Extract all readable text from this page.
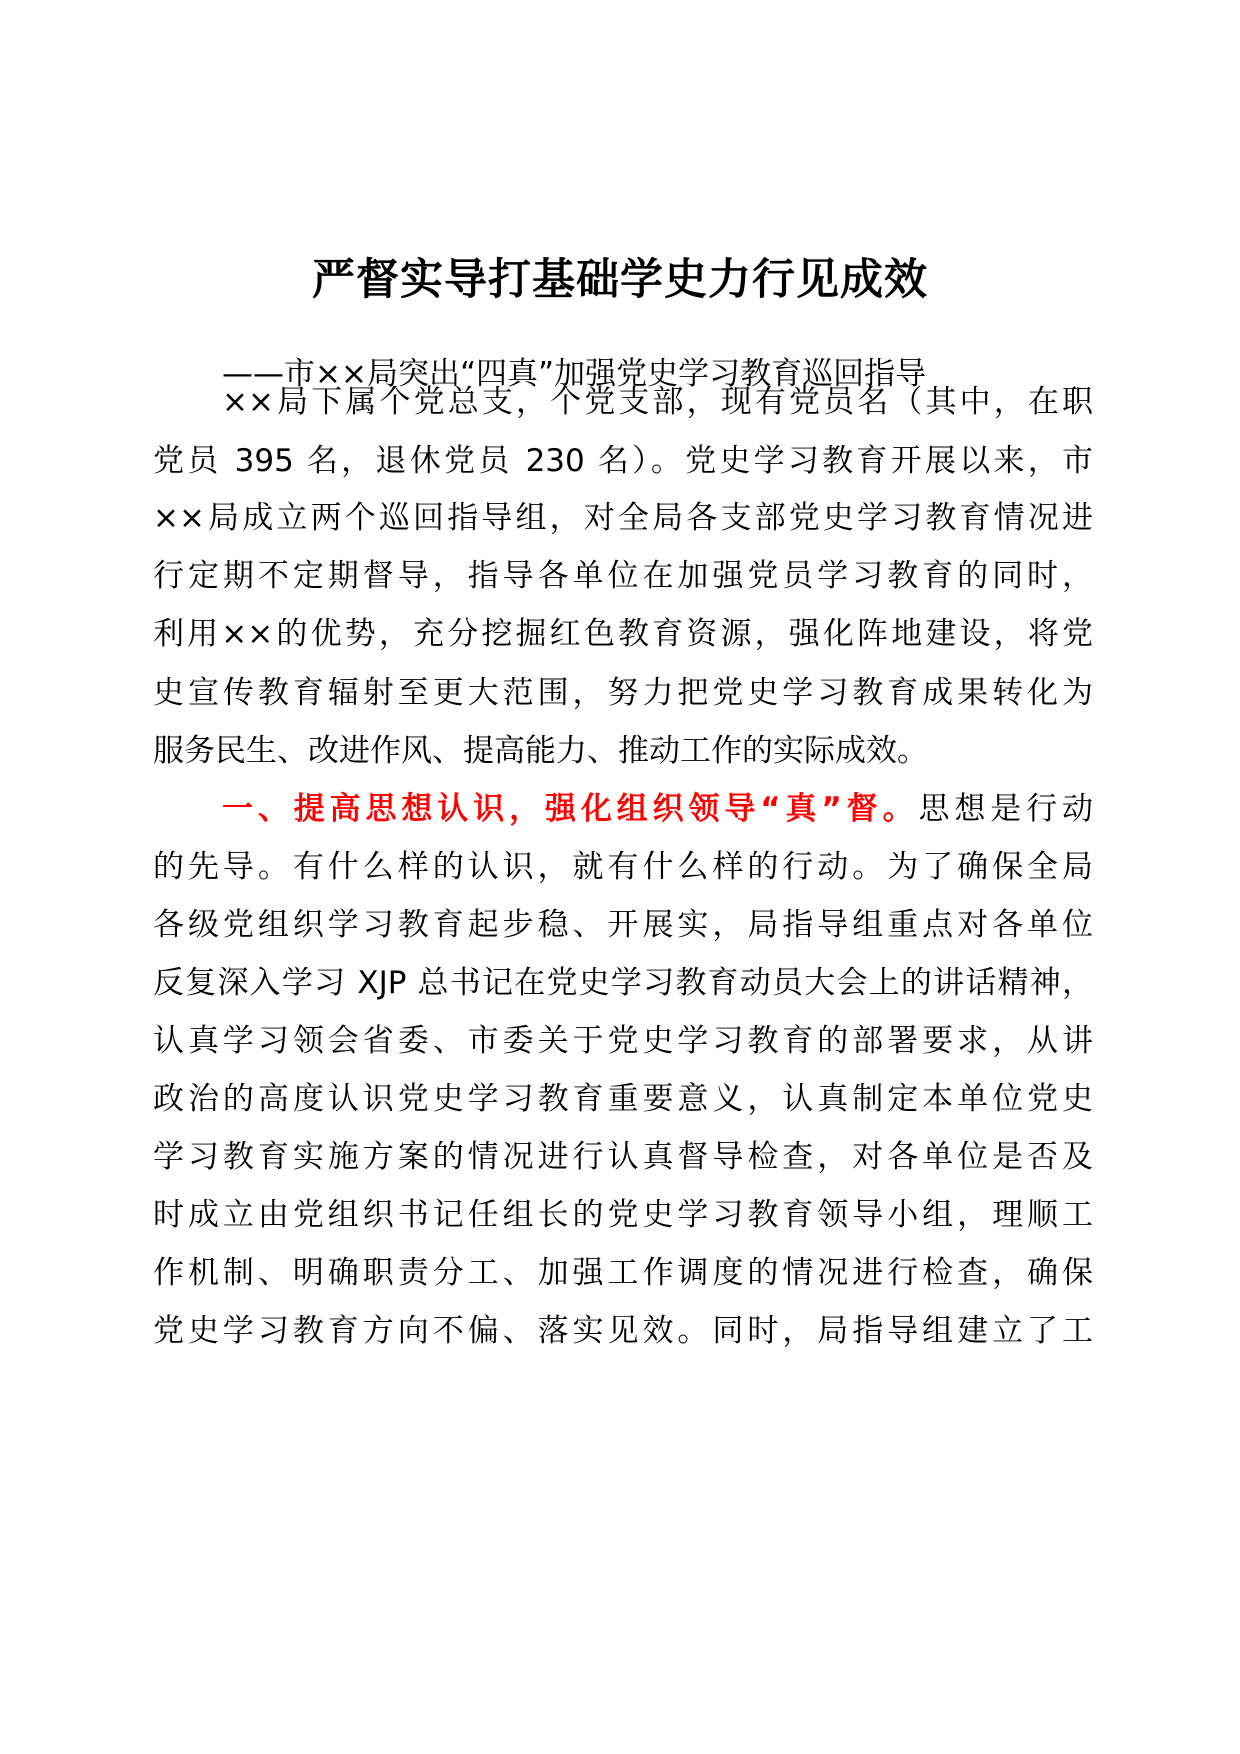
严督实导打基础学史力行见成效

——市××局突出“四真”加强党史学习教育巡回指导

××局下属个党总支，个党支部，现有党员名（其中，在职

党员 395 名，退休党员 230 名）。党史学习教育开展以来，市

××局成立两个巡回指导组，对全局各支部党史学习教育情况进

行定期不定期督导，指导各单位在加强党员学习教育的同时，

利用××的优势，充分挖掘红色教育资源，强化阵地建设，将党

史宣传教育辐射至更大范围，努力把党史学习教育成果转化为

服务民生、改进作风、提高能力、推动工作的实际成效。

一、提高思想认识，强化组织领导“真”督。思想是行动

的先导。有什么样的认识，就有什么样的行动。为了确保全局

各级党组织学习教育起步稳、开展实，局指导组重点对各单位

反复深入学习 XJP 总书记在党史学习教育动员大会上的讲话精神，

认真学习领会省委、市委关于党史学习教育的部署要求，从讲

政治的高度认识党史学习教育重要意义，认真制定本单位党史

学习教育实施方案的情况进行认真督导检查，对各单位是否及

时成立由党组织书记任组长的党史学习教育领导小组，理顺工

作机制、明确职责分工、加强工作调度的情况进行检查，确保

党史学习教育方向不偏、落实见效。同时，局指导组建立了工
